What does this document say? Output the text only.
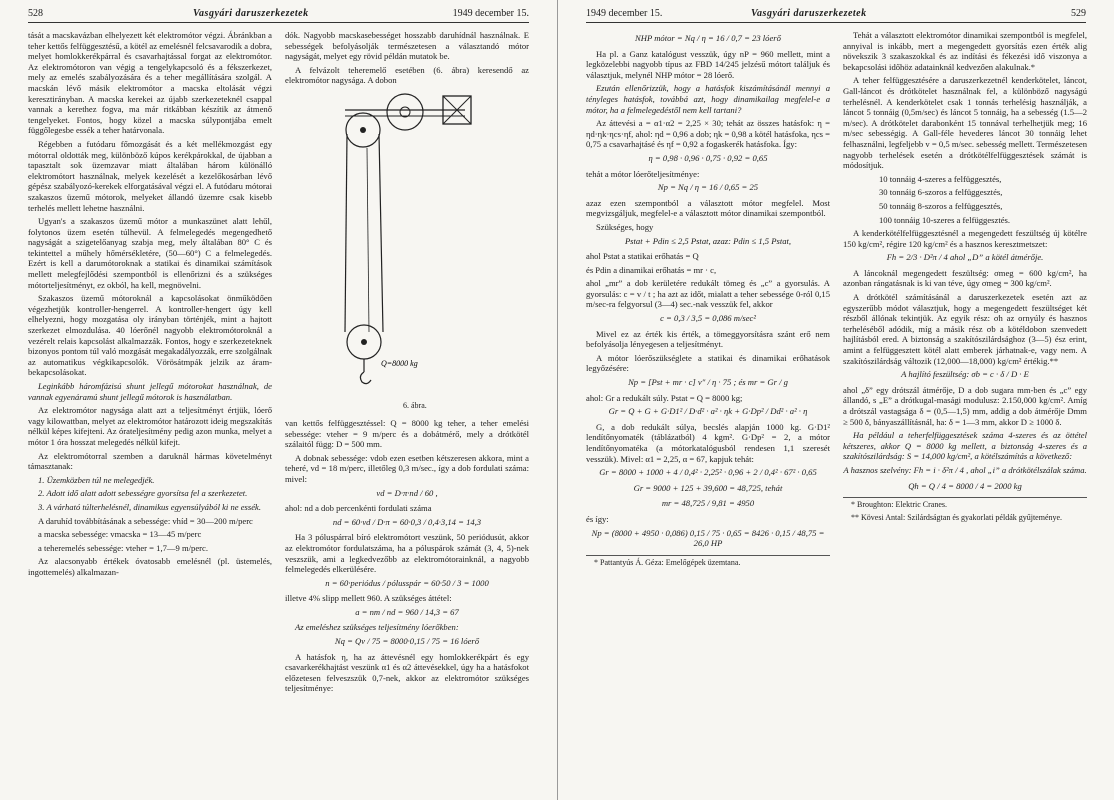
528	Vasgyári daruszerkezetek	1949 december 15.

tását a macskavázban elhelyezett két elektromótor végzi. Ábránkban a teher kettős felfüggesztésű, a kötél az emelésnél felcsavarodik a dobra, melyet homlokkerékpárral és csavarhajtással forgat az elektromótor. Az elektromótoron van végig a tengelykapcsoló és a fékszerkezet, mely az emelés szabályozására és a teher megállítására szolgál. A macskán lévő másik elektromótor a macska eltolását végzi keresztirányban. A macska kerekei az újabb szerkezeteknél csappal vannak a kerethez fogva, ma már ritkábban készítik az átmenő tengelyeket. Fontos, hogy közel a macska súlypontjába emelt függőlegesbe essék a teher határvonala.

Régebben a futódaru főmozgását és a két mellékmozgást egy mótorral oldották meg, különböző kúpos kerékpárokkal, de újabban a tapasztalt sok üzemzavar miatt általában három különálló elektromótort használnak, melyek kezelését a kezelőkosárban lévő gépész szabályozó-kerekek elforgatásával végzi el. A futódaru mótorai szakaszos üzemű mótorok, melyeket állandó üzemre csak kisebb terhelés mellett lehetne használni.

Ugyan's a szakaszos üzemű mótor a munkaszünet alatt lehűl, folytonos üzem esetén túlhevül. A felmelegedés megengedhető nagyságát a szigetelőanyag szabja meg, mely általában 80° C és tekintettel a műhely hőmérsékletére, (50—60°) C a felmelegedés. Ezért is kell a darumótoroknak a statikai és dinamikai számítások mellett melegfejlődési szempontból is ellenőrizni és a szükséges mótorteljesítményt, ez okból, ha kell, megnövelni.

Szakaszos üzemű mótoroknál a kapcsolásokat önműködően végezhetjük kontroller-hengerrel. A kontroller-hengert úgy kell elhelyezni, hogy mozgatása oly irányban történjék, mint a hajtott szerkezet elmozdulása. 40 lóerőnél nagyobb elektromótoroknál a vezérelt relais kapcsolást alkalmazzák. Fontos, hogy e szerkezeteknek bizonyos pontom túl való mozgását megakadályozzák, erre szolgálnak az automatikus végkikapcsolók. Vörösátmpák jelzik az áram-bekapcsolásokat.

Leginkább háromfázisú shunt jellegű mótorokat használnak, de vannak egyenáramú shunt jellegű mótorok is használatban.

Az elektromótor nagysága alatt azt a teljesítményt értjük, lóerő vagy kilowattban, melyet az elektromótor határozott ideig megszakítás nélkül képes kifejteni. Az órateljesítmény pedig azon munka, melyet a mótor 1 óra hosszat melegedés nélkül kifejt.

Az elektromótorral szemben a daruknál hármas követelményt támasztanak:

1. Üzemközben túl ne melegedjék.

2. Adott idő alatt adott sebességre gyorsítsa fel a szerkezetet.

3. A várható túlterhelésnél, dinamikus egyensúlyából ki ne essék.

A daruhíd továbbításának a sebessége: vhíd = 30—200 m/perc

a macska sebessége: vmacska = 13—45 m/perc

a teheremelés sebessége: vteher = 1,7—9 m/perc.

Az alacsonyabb értékek óvatosabb emelésnél (pl. üstemelés, ingottemelés) alkalmazan-

dók. Nagyobb macskasebességet hosszabb daruhídnál használnak. E sebességek befolyásolják természetesen a választandó mótor nagyságát, melyet egy rövid példán mutatok be.

A felvázolt teheremelő esetében (6. ábra) keresendő az elektromótor nagysága. A dobon

Q=8000 kg
6. ábra.

van kettős felfüggesztéssel: Q = 8000 kg teher, a teher emelési sebessége: vteher = 9 m/perc és a dobátmérő, mely a drótkötél szálaitól függ: D = 500 mm.

A dobnak sebessége: vdob ezen esetben kétszeresen akkora, mint a teheré, vd = 18 m/perc, illetőleg 0,3 m/sec., így a dob fordulati száma: mivel:

vd = D·π·nd / 60 ,

ahol: nd a dob percenkénti fordulati száma

nd = 60·vd / D·π = 60·0,3 / 0,4·3,14 = 14,3

Ha 3 póluspárral bíró elektromótort veszünk, 50 periódusút, akkor az elektromótor fordulatszáma, ha a póluspárok számát (3, 4, 5)-nek veszszük, ami a legkedvezőbb az elektromótorainknál, a nagyobb felmelegedés elkerülésére.

n = 60·periódus / pólusspár = 60·50 / 3 = 1000

illetve 4% slipp mellett 960. A szükséges áttétel:

a = nm / nd = 960 / 14,3 = 67

Az emeléshez szükséges teljesítmény lóerőkben:

Nq = Qv / 75 = 8000·0,15 / 75 = 16 lóerő

A hatásfok η, ha az áttevésnél egy homlokkerékpárt és egy csavarkerékhajtást veszünk α1 és α2 áttevésekkel, úgy ha a hatásfokot előzetesen felveszszük 0,7-nek, akkor az elektromótor szükséges teljesítménye:

1949 december 15.	Vasgyári daruszerkezetek	529
NHP mótor = Nq / η = 16 / 0,7 = 23 lóerő

Ha pl. a Ganz katalógust vesszük, úgy nP = 960 mellett, mint a legközelebbi nagyobb típus az FBD 14/245 jelzésű mótort találjuk és választjuk, melynél NHP mótor = 28 lóerő.

Ezután ellenőrizzük, hogy a hatásfok kiszámításánál mennyi a tényleges hatásfok, továbbá azt, hogy dinamikailag megfelel-e a mótor, ha a felmelegedéstől nem kell tartani?

Az áttevési a = α1·α2 = 2,25 × 30; tehát az összes hatásfok: η = ηd·ηk·ηcs·ηf, ahol: ηd = 0,96 a dob; ηk = 0,98 a kötél hatásfoka, ηcs = 0,75 a csavarhajtásé és ηf = 0,92 a fogaskerék hatásfoka. Így:

η = 0,98 · 0,96 · 0,75 · 0,92 = 0,65

tehát a mótor lóerőteljesítménye:

Np = Nq / η = 16 / 0,65 = 25

azaz ezen szempontból a választott mótor megfelel. Most megvizsgáljuk, megfelel-e a választott mótor dinamikai szempontból.

Szükséges, hogy

Pstat + Pdin ≤ 2,5 Pstat, azaz: Pdin ≤ 1,5 Pstat,

ahol Pstat a statikai erőhatás = Q

és Pdin a dinamikai erőhatás = mr · c,

ahol „mr” a dob kerületére redukált tömeg és „c” a gyorsulás. A gyorsulás: c = v / t ; ha azt az időt, mialatt a teher sebessége 0-ról 0,15 m/sec-ra felgyorsul (3—4) sec.-nak vesszük fel, akkor

c = 0,3 / 3,5 = 0,086 m/sec²

Mivel ez az érték kis érték, a tömeggyorsításra szánt erő nem befolyásolja lényegesen a teljesítményt.

A mótor lóerőszükséglete a statikai és dinamikai erőhatások legyőzésére:

Np = [Pst + mr · c] v″ / η · 75 ; és mr = Gr / g

ahol: Gr a redukált súly. Pstat = Q = 8000 kg;

Gr = Q + G + G·D1² / D·d² · a² · ηk + G·Dp² / Dd² · a² · η

G, a dob redukált súlya, becslés alapján 1000 kg. G·D1² lendítőnyomaték (táblázatból) 4 kgm². G·Dp² = 2, a mótor lendítőnyomatéka (a mótorkatalógusból rendesen 1,1 szeresét vesszük). Mivel: α1 = 2,25, α = 67, kapjuk tehát:

Gr = 8000 + 1000 + 4 / 0,4² · 2,25² · 0,96 + 2 / 0,4² · 67² · 0,65
Gr = 9000 + 125 + 39,600 = 48,725, tehát
mr = 48,725 / 9,81 = 4950

és így:

Np = (8000 + 4950 · 0,086) 0,15 / 75 · 0,65 = 8426 · 0,15 / 48,75 = 26,0 HP

* Pattantyús Á. Géza: Emelőgépek üzemtana.

Tehát a választott elektromótor dinamikai szempontból is megfelel, annyival is inkább, mert a megengedett gyorsítás ezen érték alig növekszik 3 szakaszokkal és az indítási és fékezési idő viszonya a bekapcsolási időhöz adatainknál kedvezően alakulnak.*

A teher felfüggesztésére a daruszerkezetnél kenderkötelet, láncot, Gall-láncot és drótkötelet használnak fel, a különböző nagyságú terhelésnél. A kenderkötelet csak 1 tonnás terhelésig használják, a láncot 5 tonnáig (0,5m/sec) és láncot 5 tonnáig, ha a sebesség (1.5—2 m/sec). A drótkötelet darabonként 15 tonnával terhelhetjük meg; 16 m/sec sebességig. A Gall-féle hevederes láncot 30 tonnáig lehet felhasználni, legfeljebb v = 0,5 m/sec. sebesség mellett. Természetesen nagyobb terhelések esetén a drótkötélfelfüggesztések számát is módosítjuk.

10 tonnáig 4-szeres a felfüggesztés,

30 tonnáig 6-szoros a felfüggesztés,

50 tonnáig 8-szoros a felfüggesztés,

100 tonnáig 10-szeres a felfüggesztés.

A kenderkötélfelfüggesztésnél a megengedett feszültség új kötélre 150 kg/cm², régire 120 kg/cm² és a hasznos keresztmetszet:

Fh = 2/3 · D²π / 4 ahol „D” a kötél átmérője.

A láncoknál megengedett feszültség: σmeg = 600 kg/cm², ha azonban rángatásnak is ki van téve, úgy σmeg = 300 kg/cm².

A drótkötél számításánál a daruszerkezetek esetén azt az egyszerűbb módot választjuk, hogy a megengedett feszültséget két részből állónak tekintjük. Az egyik rész: σh az ornyúly és hasznos terheléséből adódik, míg a másik rész σb a kötéldobon szenvedett hajlításból ered. A biztonság a szakítószilárdsághoz (3—5) ész erint, amint a felfüggesztett kötél alatt emberek járhatnak-e, vagy nem. A szakítószilárdság változik (12,000—18,000) kg/cm² értékig.**

A hajlító feszültség: σb = c · δ / D · E

ahol „δ” egy drótszál átmérője, D a dob sugara mm-ben és „c” egy állandó, s „E” a drótkugal-masági modulusz: 2.150,000 kg/cm². Amíg a drótszál vastagsága δ = (0,5—1,5) mm, addig a dob átmérője Dmm ≥ 500 δ, bányaszállításnál, ha: δ = 1—3 mm, akkor D ≥ 1000 δ.

Ha például a teherfelfüggesztések száma 4-szeres és az öttétel kétszeres, akkor Q = 8000 kg mellett, a biztonság 4-szeres és a szakítószilárdság: S = 14,000 kg/cm², a kötélszámítás a következő:

A hasznos szelvény: Fh = i · δ²π / 4 , ahol „i” a drótkötélszálak száma.
Qh = Q / 4 = 8000 / 4 = 2000 kg

* Broughton: Elektric Cranes.

** Kövesi Antal: Szilárdságtan és gyakorlati példák gyűjteménye.
